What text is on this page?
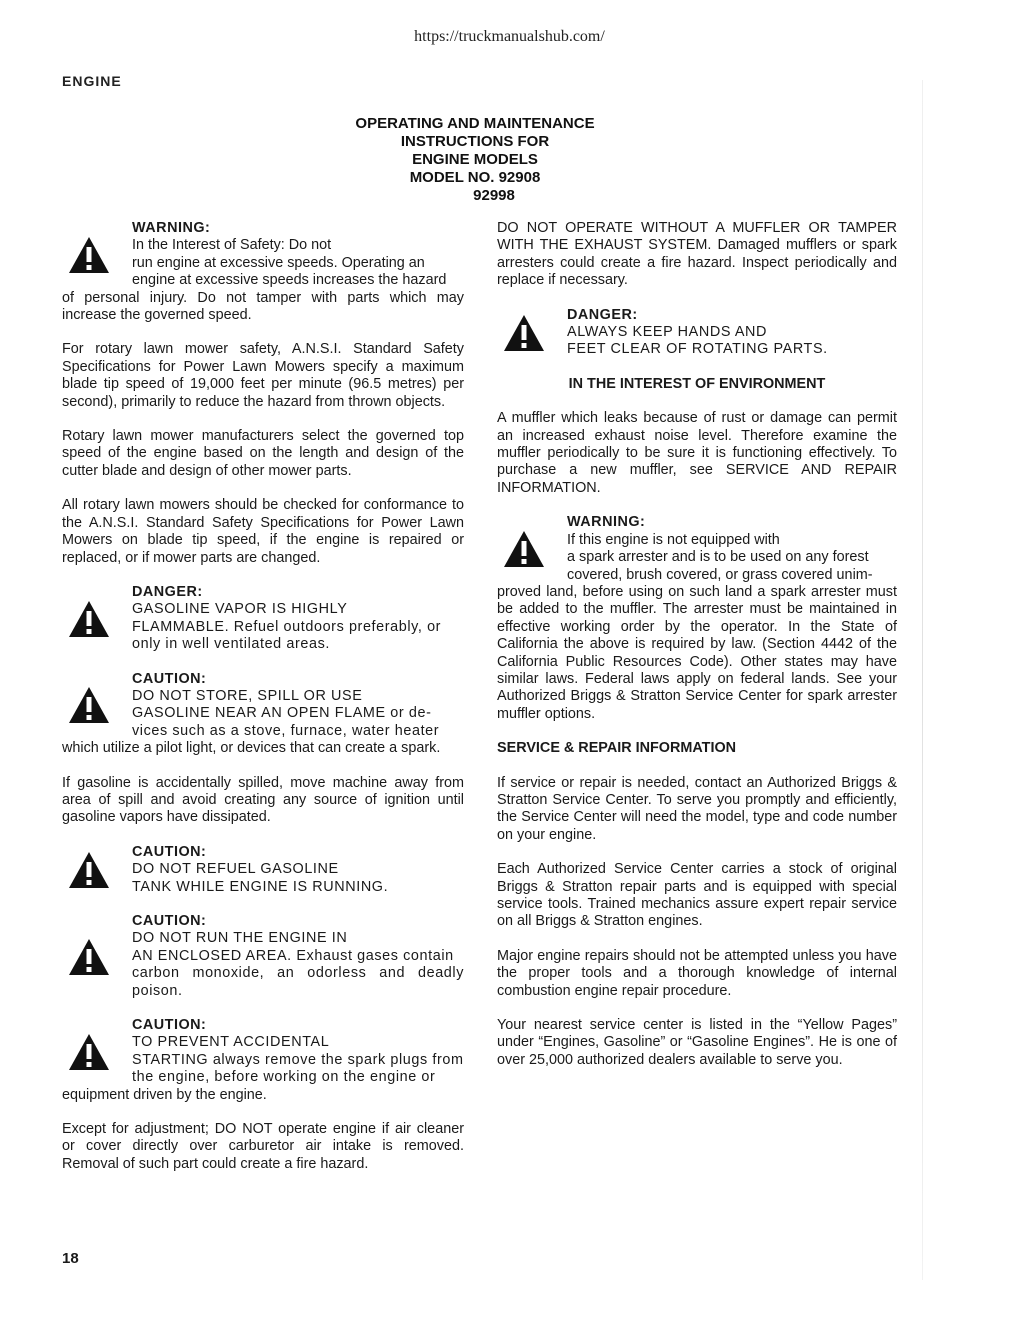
https://truckmanualshub.com/
ENGINE
OPERATING AND MAINTENANCE
INSTRUCTIONS FOR
ENGINE MODELS
MODEL NO. 92908
92998
WARNING:
In the Interest of Safety: Do not
run engine at excessive speeds. Operating an
engine at excessive speeds increases the hazard
of personal injury. Do not tamper with parts which may increase the governed speed.

For rotary lawn mower safety, A.N.S.I. Standard Safety Specifications for Power Lawn Mowers specify a maximum blade tip speed of 19,000 feet per minute (96.5 metres) per second), primarily to reduce the hazard from thrown objects.

Rotary lawn mower manufacturers select the governed top speed of the engine based on the length and design of the cutter blade and design of other mower parts.

All rotary lawn mowers should be checked for conformance to the A.N.S.I. Standard Safety Specifications for Power Lawn Mowers on blade tip speed, if the engine is repaired or replaced, or if mower parts are changed.

DANGER:
GASOLINE VAPOR IS HIGHLY
FLAMMABLE. Refuel outdoors preferably, or
only in well ventilated areas.
CAUTION:
DO NOT STORE, SPILL OR USE
GASOLINE NEAR AN OPEN FLAME or de-
vices such as a stove, furnace, water heater
which utilize a pilot light, or devices that can create a spark.

If gasoline is accidentally spilled, move machine away from area of spill and avoid creating any source of ignition until gasoline vapors have dissipated.

CAUTION:
DO NOT REFUEL GASOLINE
TANK WHILE ENGINE IS RUNNING.
CAUTION:
DO NOT RUN THE ENGINE IN
AN ENCLOSED AREA. Exhaust gases contain
carbon monoxide, an odorless and deadly poison.
CAUTION:
TO PREVENT ACCIDENTAL
STARTING always remove the spark plugs from
the engine, before working on the engine or
equipment driven by the engine.

Except for adjustment; DO NOT operate engine if air cleaner or cover directly over carburetor air intake is removed. Removal of such part could create a fire hazard.

DO NOT OPERATE WITHOUT A MUFFLER OR TAMPER WITH THE EXHAUST SYSTEM. Damaged mufflers or spark arresters could create a fire hazard. Inspect periodically and replace if necessary.

DANGER:
ALWAYS KEEP HANDS AND
FEET CLEAR OF ROTATING PARTS.
IN THE INTEREST OF ENVIRONMENT

A muffler which leaks because of rust or damage can permit an increased exhaust noise level. Therefore examine the muffler periodically to be sure it is functioning effectively. To purchase a new muffler, see SERVICE AND REPAIR INFORMATION.

WARNING:
If this engine is not equipped with
a spark arrester and is to be used on any forest
covered, brush covered, or grass covered unim-
proved land, before using on such land a spark arrester must be added to the muffler. The arrester must be maintained in effective working order by the operator. In the State of California the above is required by law. (Section 4442 of the California Public Resources Code). Other states may have similar laws. Federal laws apply on federal lands. See your Authorized Briggs & Stratton Service Center for spark arrester muffler options.
SERVICE & REPAIR INFORMATION

If service or repair is needed, contact an Authorized Briggs & Stratton Service Center. To serve you promptly and efficiently, the Service Center will need the model, type and code number on your engine.

Each Authorized Service Center carries a stock of original Briggs & Stratton repair parts and is equipped with special service tools. Trained mechanics assure expert repair service on all Briggs & Stratton engines.

Major engine repairs should not be attempted unless you have the proper tools and a thorough knowledge of internal combustion engine repair procedure.

Your nearest service center is listed in the “Yellow Pages” under “Engines, Gasoline” or “Gasoline Engines”. He is one of over 25,000 authorized dealers available to serve you.

18
